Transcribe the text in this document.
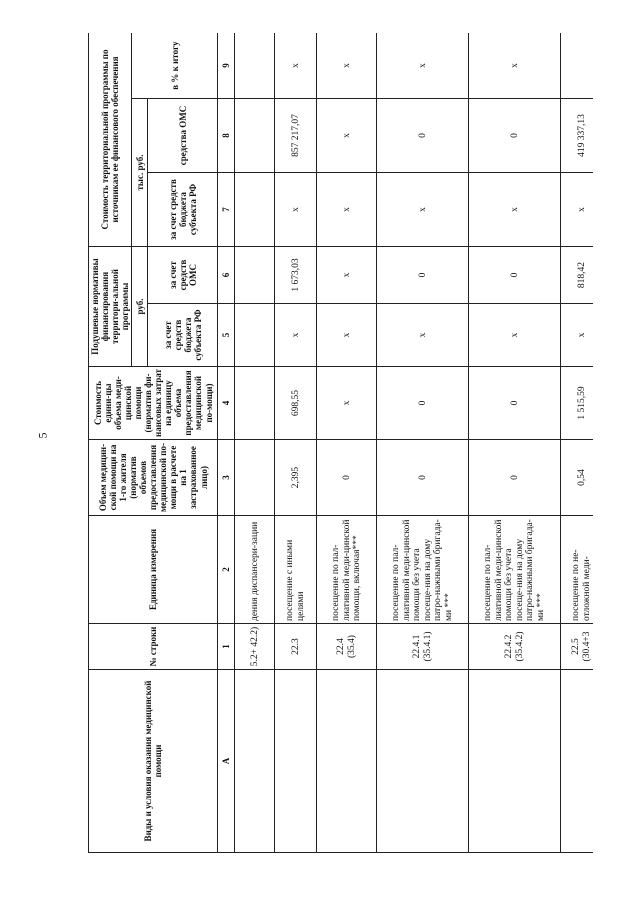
5
Виды и условия оказания медицинской помощи	№ строки	Единица измерения	Объем медицин-ской помощи на 1-го жителя (норматив объемов предоставления медицинской по-мощи в расчете на 1 застрахованное лицо)	Стоимость едини-цы объема меди-цинской помощи (норматив фи-нансовых затрат на единицу объема предоставления медицинской по-мощи)	Подушевые нормативы финансирования территори-альной программы		Стоимость территориальной программы по источникам ее финансового обеспечения		
					руб.		тыс. руб.		в % к итогу
					за счет средств бюджета субъекта РФ	за счет средств ОМС	за счет средств бюджета субъекта РФ	средства ОМС	
А	1	2	3	4	5	6	7	8	9
	5.2+ 42.2)	дения диспансери-зации							
	22.3	посещение с иными целями	2,395	698,55	x	1 673,03	x	857 217,07	x
	22.4 (35.4)	посещение по пал-лиативной меди-цинской помощи, включая***	0	x	x	x	x	x	x
	22.4.1 (35.4.1)	посещение по пал-лиативной меди-цинской помощи без учета посеще-ния на дому патро-нажными бригада-ми ***	0	0	x	0	x	0	x
	22.4.2 (35.4.2)	посещение по пал-лиативной меди-цинской помощи без учета посеще-ния на дому патро-нажными бригада-ми ***	0	0	x	0	x	0	x
	22.5 (30.4+3	посещение по не-отложной меди-	0,54	1 515,59	x	818,42	x	419 337,13	
